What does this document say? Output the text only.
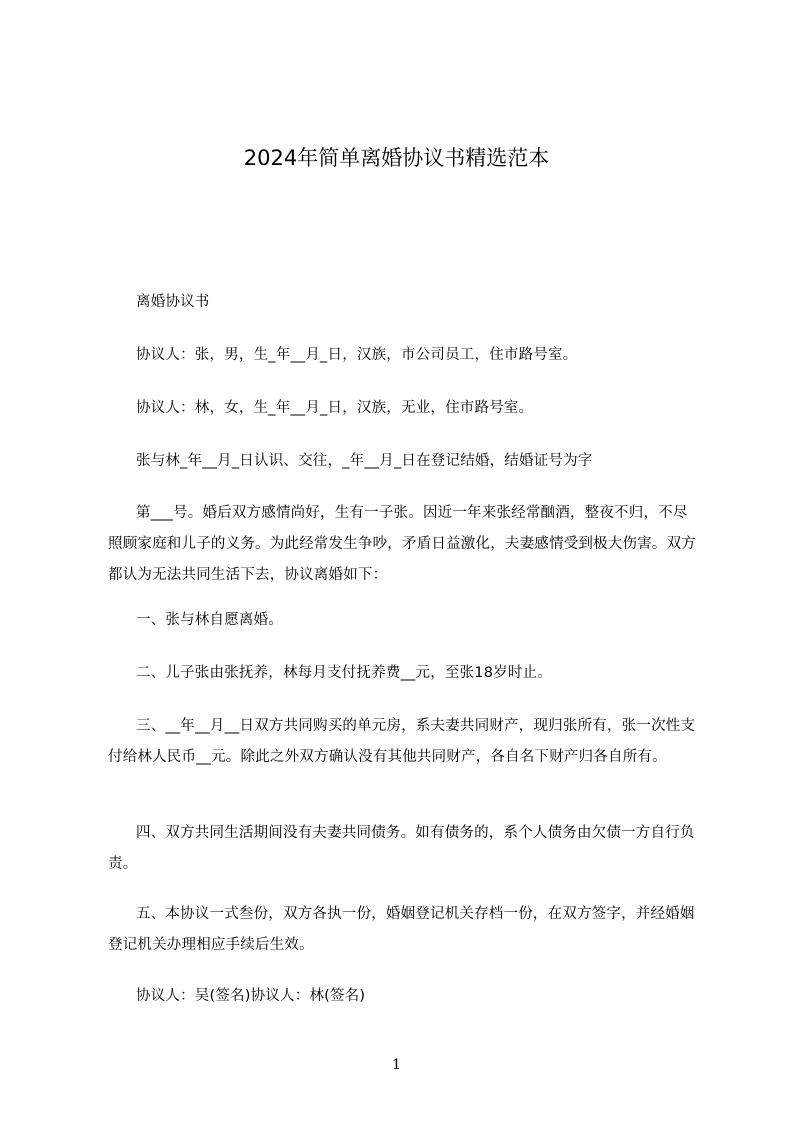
2024年简单离婚协议书精选范本
离婚协议书
协议人：张，男，生_年__月_日，汉族，市公司员工，住市路号室。
协议人：林，女，生_年__月_日，汉族，无业，住市路号室。
张与林_年__月_日认识、交往，_年__月_日在登记结婚，结婚证号为字
第___号。婚后双方感情尚好，生有一子张。因近一年来张经常酗酒，整夜不归，不尽照顾家庭和儿子的义务。为此经常发生争吵，矛盾日益激化，夫妻感情受到极大伤害。双方都认为无法共同生活下去，协议离婚如下：
一、张与林自愿离婚。
二、儿子张由张抚养，林每月支付抚养费__元，至张18岁时止。
三、__年__月__日双方共同购买的单元房，系夫妻共同财产，现归张所有，张一次性支付给林人民币__元。除此之外双方确认没有其他共同财产，各自名下财产归各自所有。
四、双方共同生活期间没有夫妻共同债务。如有债务的，系个人债务由欠债一方自行负责。
五、本协议一式叁份，双方各执一份，婚姻登记机关存档一份，在双方签字，并经婚姻登记机关办理相应手续后生效。
协议人：吴(签名)协议人：林(签名)
1
